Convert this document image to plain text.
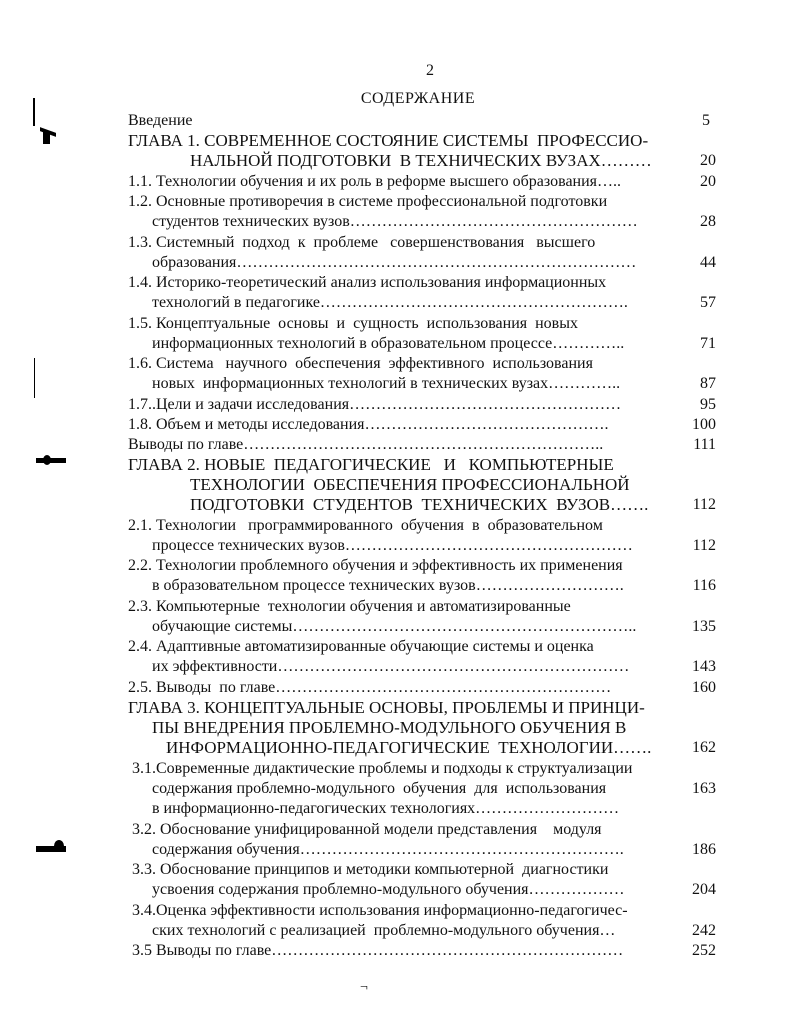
2
СОДЕРЖАНИЕ
Введение	5
ГЛАВА 1. СОВРЕМЕННОЕ СОСТОЯНИЕ СИСТЕМЫ  ПРОФЕССИО-
НАЛЬНОЙ ПОДГОТОВКИ  В ТЕХНИЧЕСКИХ ВУЗАХ………	20
1.1. Технологии обучения и их роль в реформе высшего образования…..	20
1.2. Основные противоречия в системе профессиональной подготовки
студентов технических вузов………………………………………………	28
1.3. Системный  подход  к  проблеме   совершенствования   высшего
образования…………………………………………………………………	44
1.4. Историко-теоретический анализ использования информационных
технологий в педагогике………………………………………………….	57
1.5. Концептуальные  основы  и  сущность  использования  новых
информационных технологий в образовательном процессе…………..	71
1.6. Система   научного  обеспечения  эффективного  использования
новых  информационных технологий в технических вузах…………..	87
1.7..Цели и задачи исследования……………………………………………	95
1.8. Объем и методы исследования……………………………………….	100
Выводы по главе…………………………………………………………..	111
ГЛАВА 2. НОВЫЕ  ПЕДАГОГИЧЕСКИЕ   И   КОМПЬЮТЕРНЫЕ
ТЕХНОЛОГИИ  ОБЕСПЕЧЕНИЯ ПРОФЕССИОНАЛЬНОЙ
ПОДГОТОВКИ  СТУДЕНТОВ  ТЕХНИЧЕСКИХ  ВУЗОВ…….	112
2.1. Технологии   программированного  обучения  в  образовательном
процессе технических вузов………………………………………………	112
2.2. Технологии проблемного обучения и эффективность их применения
в образовательном процессе технических вузов……………………….	116
2.3. Компьютерные  технологии обучения и автоматизированные
обучающие системы………………………………………………………..	135
2.4. Адаптивные автоматизированные обучающие системы и оценка
их эффективности…………………………………………………………	143
2.5. Выводы  по главе………………………………………………………	160
ГЛАВА 3. КОНЦЕПТУАЛЬНЫЕ ОСНОВЫ, ПРОБЛЕМЫ И ПРИНЦИ-
ПЫ ВНЕДРЕНИЯ ПРОБЛЕМНО-МОДУЛЬНОГО ОБУЧЕНИЯ В
ИНФОРМАЦИОННО-ПЕДАГОГИЧЕСКИЕ  ТЕХНОЛОГИИ…….	162
3.1.Современные дидактические проблемы и подходы к структуализации
содержания проблемно-модульного  обучения  для  использования	163
в информационно-педагогических технологиях………………………
3.2. Обоснование унифицированной модели представления    модуля
содержания обучения…………………………………………………….	186
3.3. Обоснование принципов и методики компьютерной  диагностики
усвоения содержания проблемно-модульного обучения………………	204
3.4.Оценка эффективности использования информационно-педагогичес-
ских технологий с реализацией  проблемно-модульного обучения…	242
3.5 Выводы по главе…………………………………………………………	252
¬
